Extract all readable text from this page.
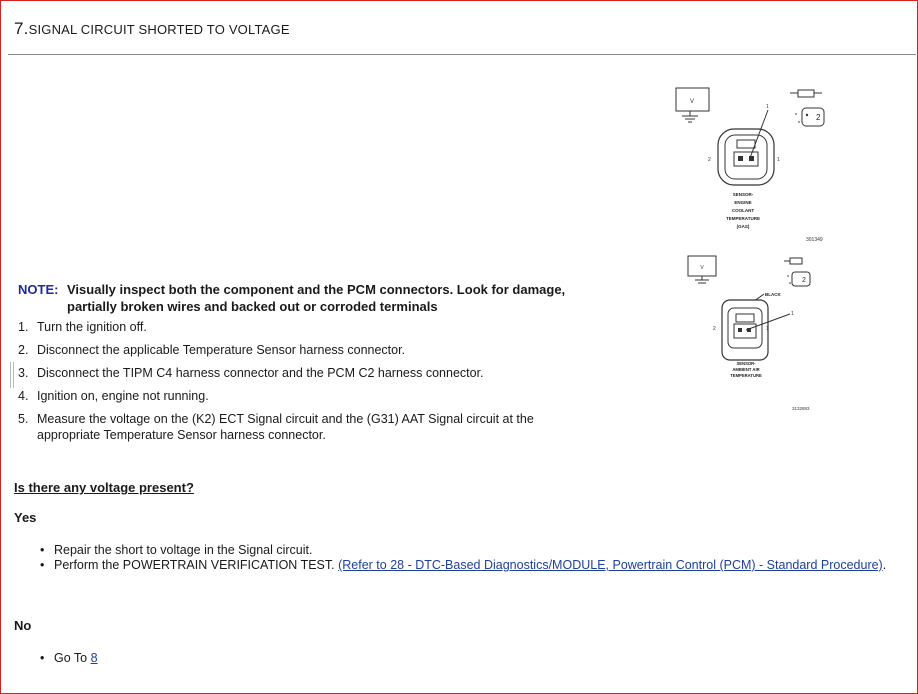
7.SIGNAL CIRCUIT SHORTED TO VOLTAGE
V
2
2	1
1
SENSOR-
ENGINE
COOLANT
TEMPERATURE
(GAS)
301349
V
2
BLACK
2	1
1
SENSOR-
AMBIENT AIR
TEMPERATURE
3132893
NOTE: Visually inspect both the component and the PCM connectors. Look for damage, partially broken wires and backed out or corroded terminals
1. Turn the ignition off.
2. Disconnect the applicable Temperature Sensor harness connector.
3. Disconnect the TIPM C4 harness connector and the PCM C2 harness connector.
4. Ignition on, engine not running.
5. Measure the voltage on the (K2) ECT Signal circuit and the (G31) AAT Signal circuit at the appropriate Temperature Sensor harness connector.
Is there any voltage present?
Yes
• Repair the short to voltage in the Signal circuit.
• Perform the POWERTRAIN VERIFICATION TEST. (Refer to 28 - DTC-Based Diagnostics/MODULE, Powertrain Control (PCM) - Standard Procedure).
No
• Go To 8
